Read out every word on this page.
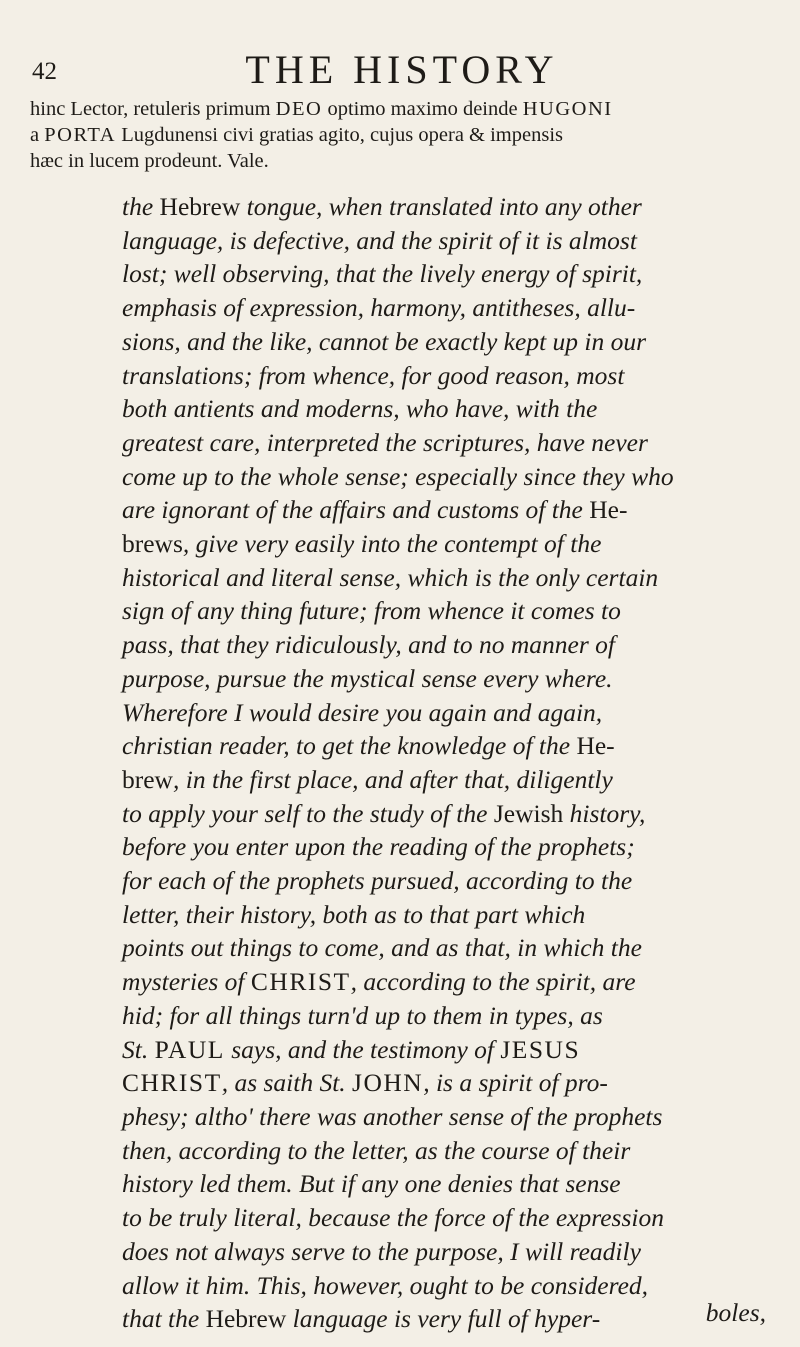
42	THE HISTORY

hinc Lector, retuleris primum DEO optimo maximo deinde HUGONI

a PORTA Lugdunensi civi gratias agito, cujus opera & impensis

hæc in lucem prodeunt. Vale.

the Hebrew tongue, when translated into any other

language, is defective, and the spirit of it is almost

lost; well observing, that the lively energy of spirit,

emphasis of expression, harmony, antitheses, allu-

sions, and the like, cannot be exactly kept up in our

translations; from whence, for good reason, most

both antients and moderns, who have, with the

greatest care, interpreted the scriptures, have never

come up to the whole sense; especially since they who

are ignorant of the affairs and customs of the He-

brews, give very easily into the contempt of the

historical and literal sense, which is the only certain

sign of any thing future; from whence it comes to

pass, that they ridiculously, and to no manner of

purpose, pursue the mystical sense every where.

Wherefore I would desire you again and again,

christian reader, to get the knowledge of the He-

brew, in the first place, and after that, diligently

to apply your self to the study of the Jewish history,

before you enter upon the reading of the prophets;

for each of the prophets pursued, according to the

letter, their history, both as to that part which

points out things to come, and as that, in which the

mysteries of CHRIST, according to the spirit, are

hid; for all things turn'd up to them in types, as

St. PAUL says, and the testimony of JESUS

CHRIST, as saith St. JOHN, is a spirit of pro-

phesy; altho' there was another sense of the prophets

then, according to the letter, as the course of their

history led them. But if any one denies that sense

to be truly literal, because the force of the expression

does not always serve to the purpose, I will readily

allow it him. This, however, ought to be considered,

that the Hebrew language is very full of hyper-	boles,
